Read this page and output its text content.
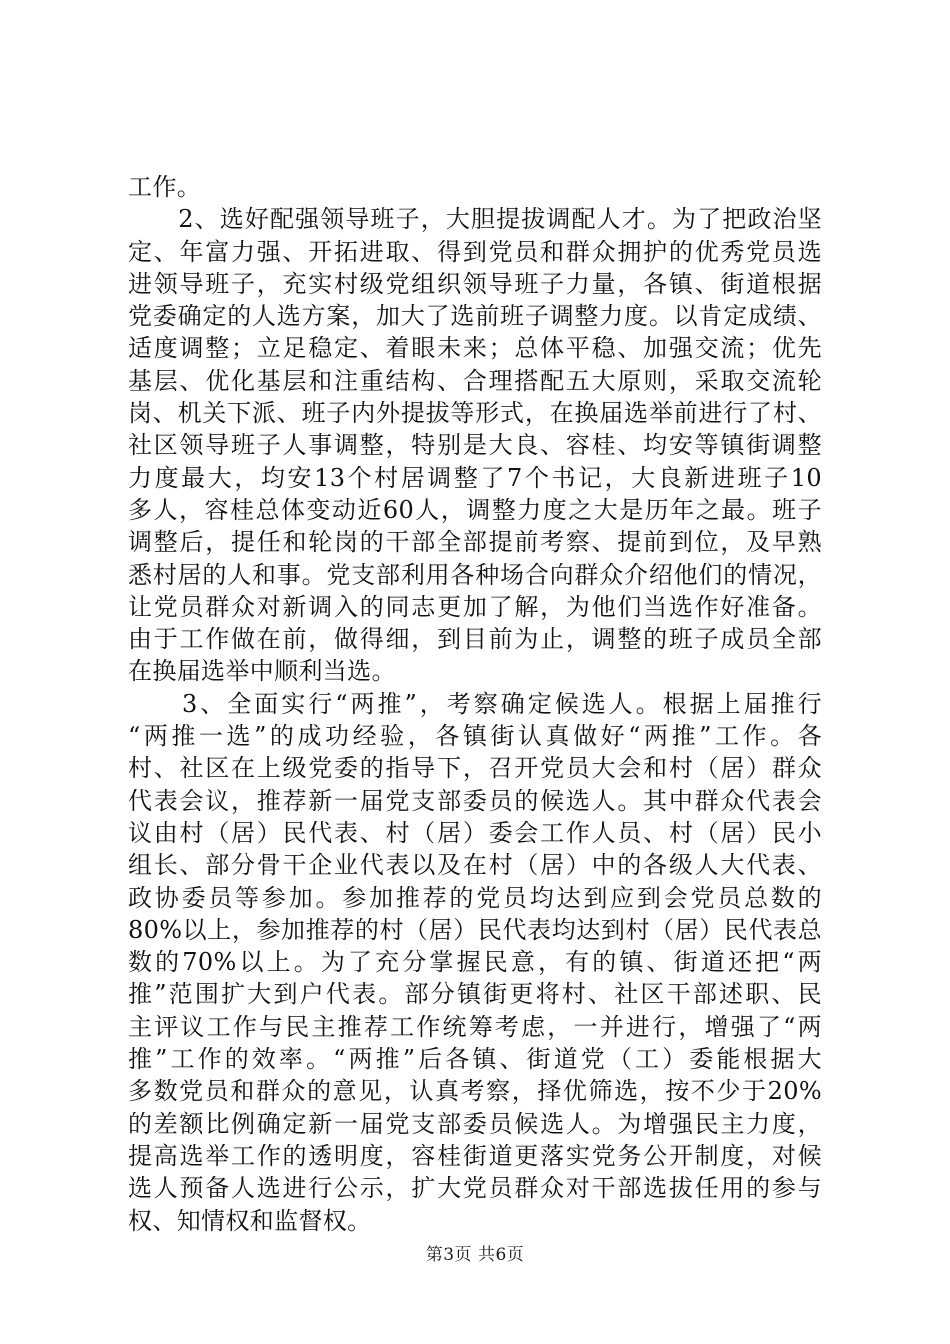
工作。
　　2、选好配强领导班子，大胆提拔调配人才。为了把政治坚
定、年富力强、开拓进取、得到党员和群众拥护的优秀党员选
进领导班子，充实村级党组织领导班子力量，各镇、街道根据
党委确定的人选方案，加大了选前班子调整力度。以肯定成绩、
适度调整；立足稳定、着眼未来；总体平稳、加强交流；优先
基层、优化基层和注重结构、合理搭配五大原则，采取交流轮
岗、机关下派、班子内外提拔等形式，在换届选举前进行了村、
社区领导班子人事调整，特别是大良、容桂、均安等镇街调整
力度最大，均安13个村居调整了7个书记，大良新进班子10
多人，容桂总体变动近60人，调整力度之大是历年之最。班子
调整后，提任和轮岗的干部全部提前考察、提前到位，及早熟
悉村居的人和事。党支部利用各种场合向群众介绍他们的情况，
让党员群众对新调入的同志更加了解，为他们当选作好准备。
由于工作做在前，做得细，到目前为止，调整的班子成员全部
在换届选举中顺利当选。
　　3、全面实行“两推”，考察确定候选人。根据上届推行
“两推一选”的成功经验，各镇街认真做好“两推”工作。各
村、社区在上级党委的指导下，召开党员大会和村（居）群众
代表会议，推荐新一届党支部委员的候选人。其中群众代表会
议由村（居）民代表、村（居）委会工作人员、村（居）民小
组长、部分骨干企业代表以及在村（居）中的各级人大代表、
政协委员等参加。参加推荐的党员均达到应到会党员总数的
80%以上，参加推荐的村（居）民代表均达到村（居）民代表总
数的70%以上。为了充分掌握民意，有的镇、街道还把“两
推”范围扩大到户代表。部分镇街更将村、社区干部述职、民
主评议工作与民主推荐工作统筹考虑，一并进行，增强了“两
推”工作的效率。“两推”后各镇、街道党（工）委能根据大
多数党员和群众的意见，认真考察，择优筛选，按不少于20%
的差额比例确定新一届党支部委员候选人。为增强民主力度，
提高选举工作的透明度，容桂街道更落实党务公开制度，对候
选人预备人选进行公示，扩大党员群众对干部选拔任用的参与
权、知情权和监督权。
第3页 共6页
